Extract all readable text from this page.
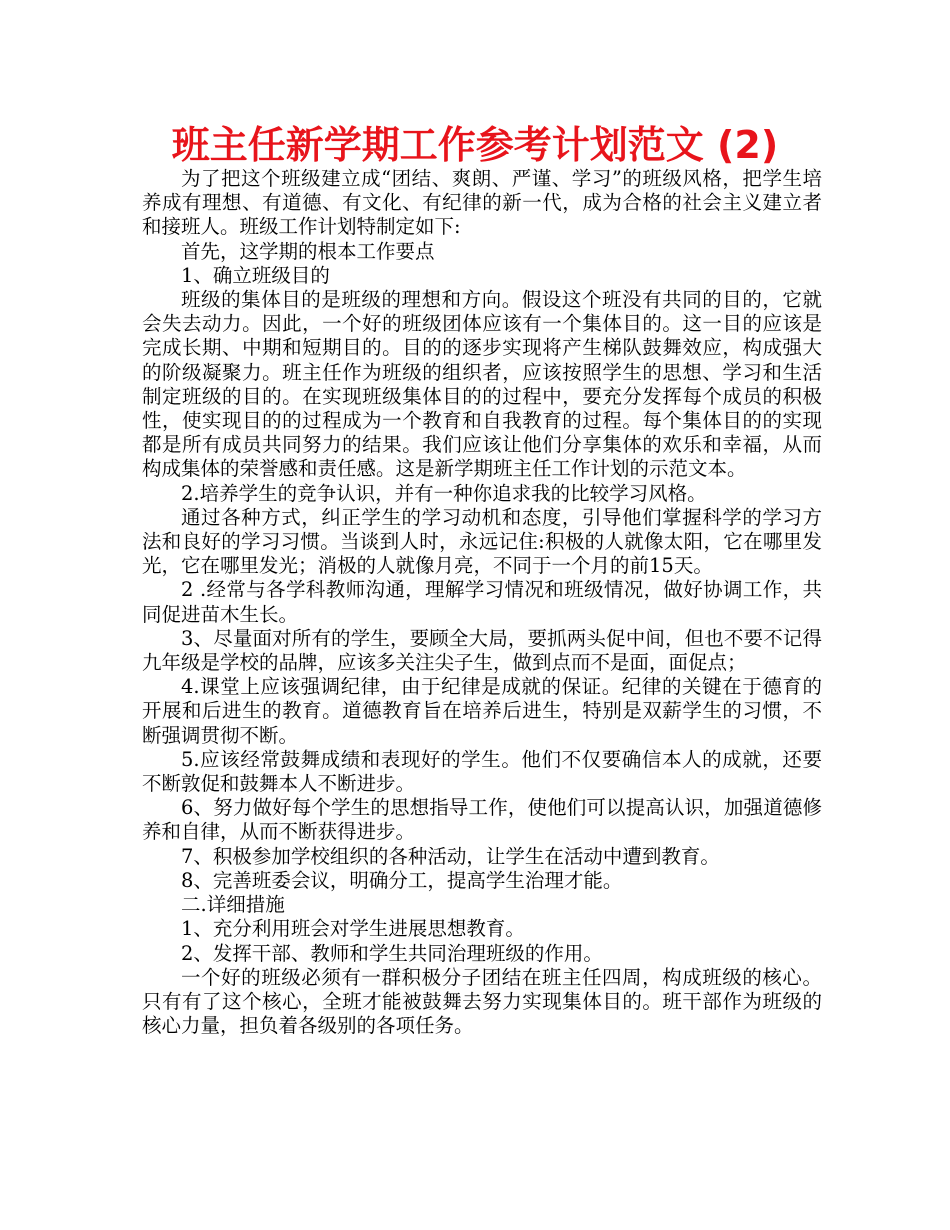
班主任新学期工作参考计划范文 (2)

为了把这个班级建立成“团结、爽朗、严谨、学习”的班级风格，把学生培养成有理想、有道德、有文化、有纪律的新一代，成为合格的社会主义建立者和接班人。班级工作计划特制定如下:

首先，这学期的根本工作要点

1、确立班级目的

班级的集体目的是班级的理想和方向。假设这个班没有共同的目的，它就会失去动力。因此，一个好的班级团体应该有一个集体目的。这一目的应该是完成长期、中期和短期目的。目的的逐步实现将产生梯队鼓舞效应，构成强大的阶级凝聚力。班主任作为班级的组织者，应该按照学生的思想、学习和生活制定班级的目的。在实现班级集体目的的过程中，要充分发挥每个成员的积极性，使实现目的的过程成为一个教育和自我教育的过程。每个集体目的的实现都是所有成员共同努力的结果。我们应该让他们分享集体的欢乐和幸福，从而构成集体的荣誉感和责任感。这是新学期班主任工作计划的示范文本。

2.培养学生的竞争认识，并有一种你追求我的比较学习风格。

通过各种方式，纠正学生的学习动机和态度，引导他们掌握科学的学习方法和良好的学习习惯。当谈到人时，永远记住:积极的人就像太阳，它在哪里发光，它在哪里发光；消极的人就像月亮，不同于一个月的前15天。

2 .经常与各学科教师沟通，理解学习情况和班级情况，做好协调工作，共同促进苗木生长。

3、尽量面对所有的学生，要顾全大局，要抓两头促中间，但也不要不记得九年级是学校的品牌，应该多关注尖子生，做到点而不是面，面促点；

4.课堂上应该强调纪律，由于纪律是成就的保证。纪律的关键在于德育的开展和后进生的教育。道德教育旨在培养后进生，特别是双薪学生的习惯，不断强调贯彻不断。

5.应该经常鼓舞成绩和表现好的学生。他们不仅要确信本人的成就，还要不断敦促和鼓舞本人不断进步。

6、努力做好每个学生的思想指导工作，使他们可以提高认识，加强道德修养和自律，从而不断获得进步。

7、积极参加学校组织的各种活动，让学生在活动中遭到教育。

8、完善班委会议，明确分工，提高学生治理才能。

二.详细措施

1、充分利用班会对学生进展思想教育。

2、发挥干部、教师和学生共同治理班级的作用。

一个好的班级必须有一群积极分子团结在班主任四周，构成班级的核心。只有有了这个核心，全班才能被鼓舞去努力实现集体目的。班干部作为班级的核心力量，担负着各级别的各项任务。
